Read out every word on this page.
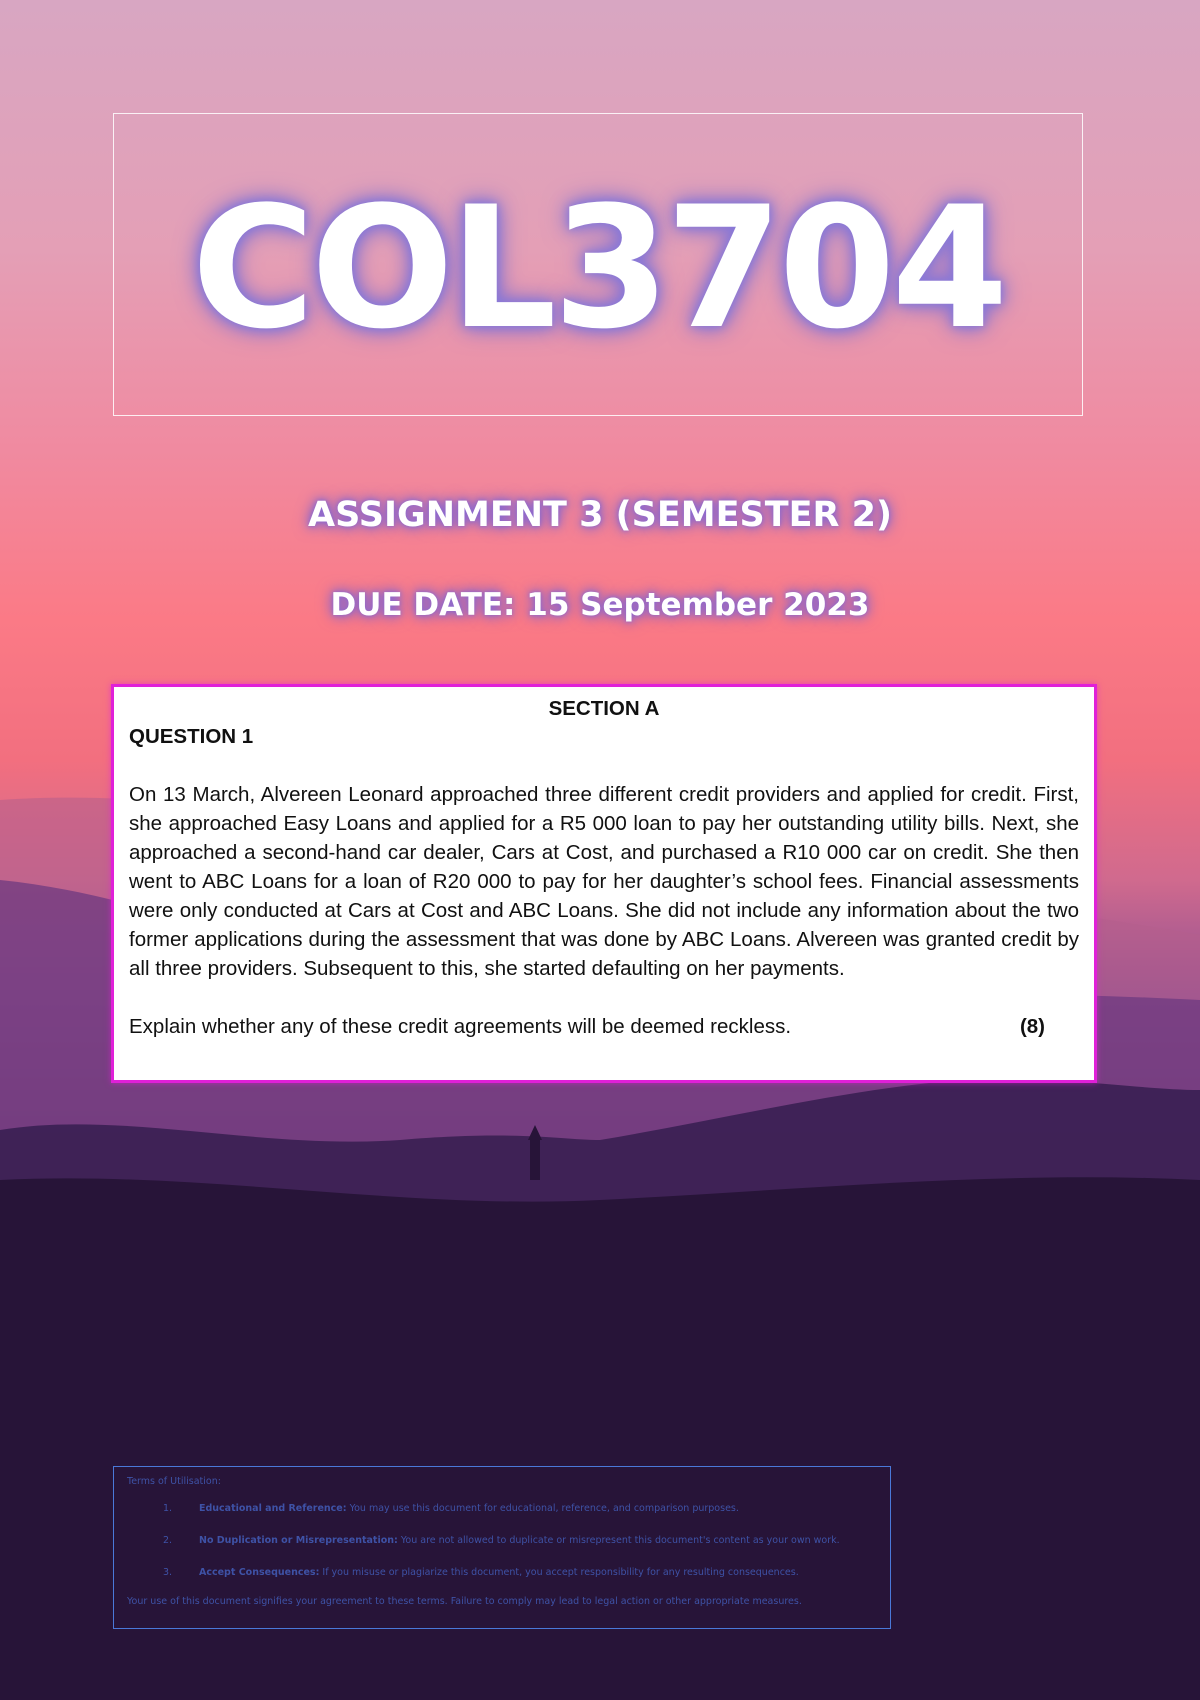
COL3704
ASSIGNMENT 3 (SEMESTER 2)
DUE DATE: 15 September 2023
SECTION A
QUESTION 1

On 13 March, Alvereen Leonard approached three different credit providers and applied for credit. First, she approached Easy Loans and applied for a R5 000 loan to pay her outstanding utility bills. Next, she approached a second-hand car dealer, Cars at Cost, and purchased a R10 000 car on credit. She then went to ABC Loans for a loan of R20 000 to pay for her daughter’s school fees. Financial assessments were only conducted at Cars at Cost and ABC Loans. She did not include any information about the two former applications during the assessment that was done by ABC Loans. Alvereen was granted credit by all three providers. Subsequent to this, she started defaulting on her payments.

Explain whether any of these credit agreements will be deemed reckless.	(8)
Terms of Utilisation:
1.	Educational and Reference: You may use this document for educational, reference, and comparison purposes.
2.	No Duplication or Misrepresentation: You are not allowed to duplicate or misrepresent this document's content as your own work.
3.	Accept Consequences: If you misuse or plagiarize this document, you accept responsibility for any resulting consequences.
Your use of this document signifies your agreement to these terms. Failure to comply may lead to legal action or other appropriate measures.
